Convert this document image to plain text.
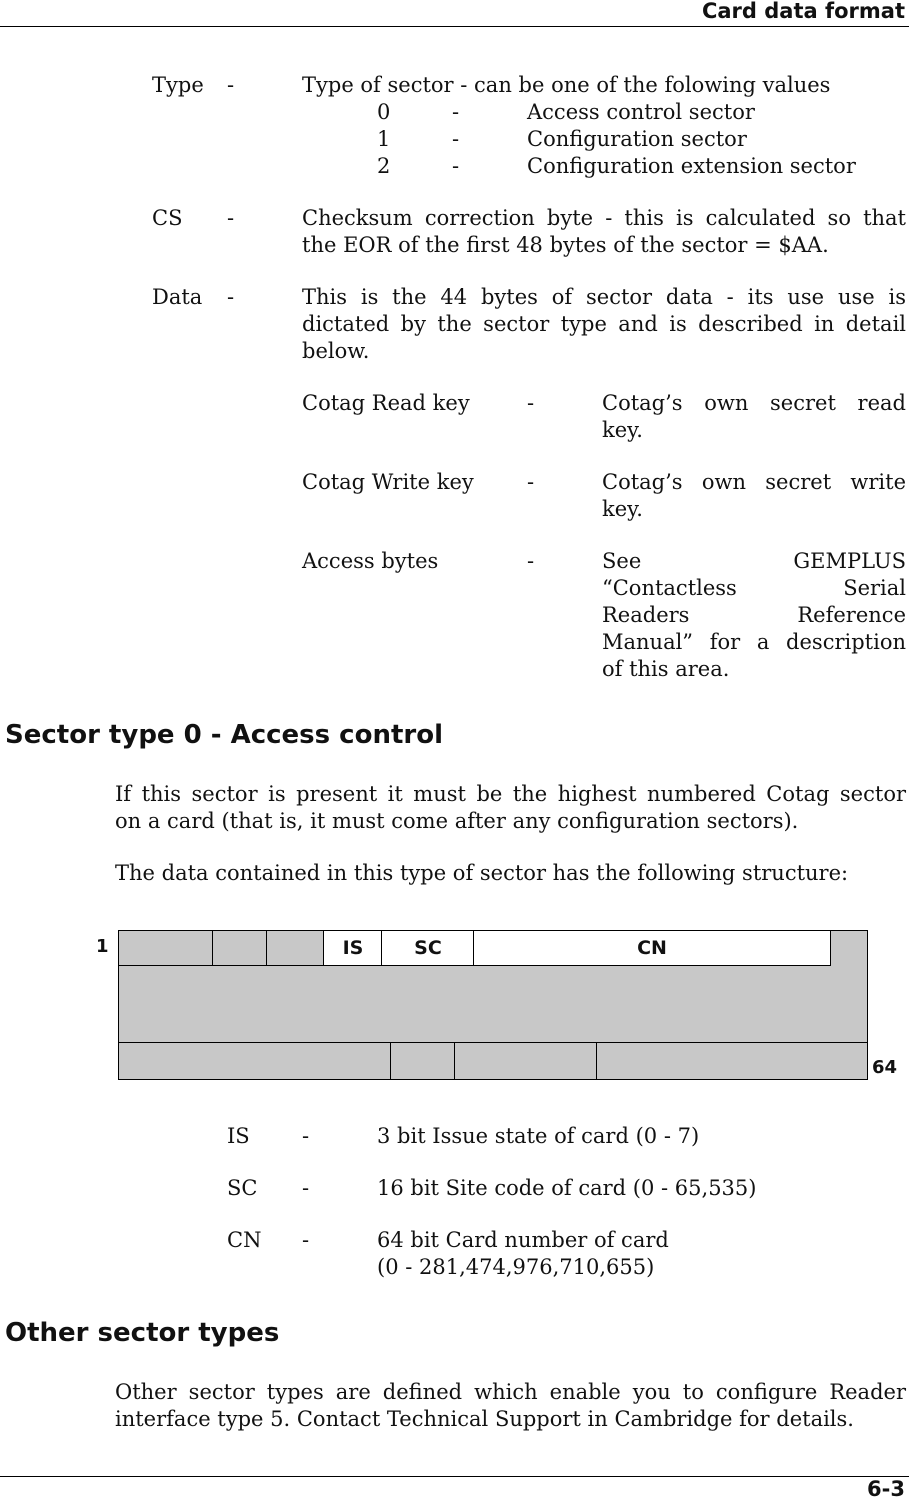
Card data format
Type -	Type of sector - can be one of the folowing values
0	-	Access control sector
1	-	Configuration sector
2	-	Configuration extension sector
CS -	Checksum correction byte - this is calculated so that
the EOR of the first 48 bytes of the sector = $AA.
Data -	This is the 44 bytes of sector data - its use use is
dictated by the sector type and is described in detail
below.
Cotag Read key	-	Cotag’s own secret read
key.
Cotag Write key	-	Cotag’s own secret write
key.
Access bytes	-	See GEMPLUS
“Contactless Serial
Readers Reference
Manual” for a description
of this area.
Sector type 0 - Access control
If this sector is present it must be the highest numbered Cotag sector
on a card (that is, it must come after any configuration sectors).
The data contained in this type of sector has the following structure:
1
64
IS	SC	CN
IS -	3 bit Issue state of card (0 - 7)
SC -	16 bit Site code of card (0 - 65,535)
CN -	64 bit Card number of card
(0 - 281,474,976,710,655)
Other sector types
Other sector types are defined which enable you to configure Reader
interface type 5. Contact Technical Support in Cambridge for details.
6-3
